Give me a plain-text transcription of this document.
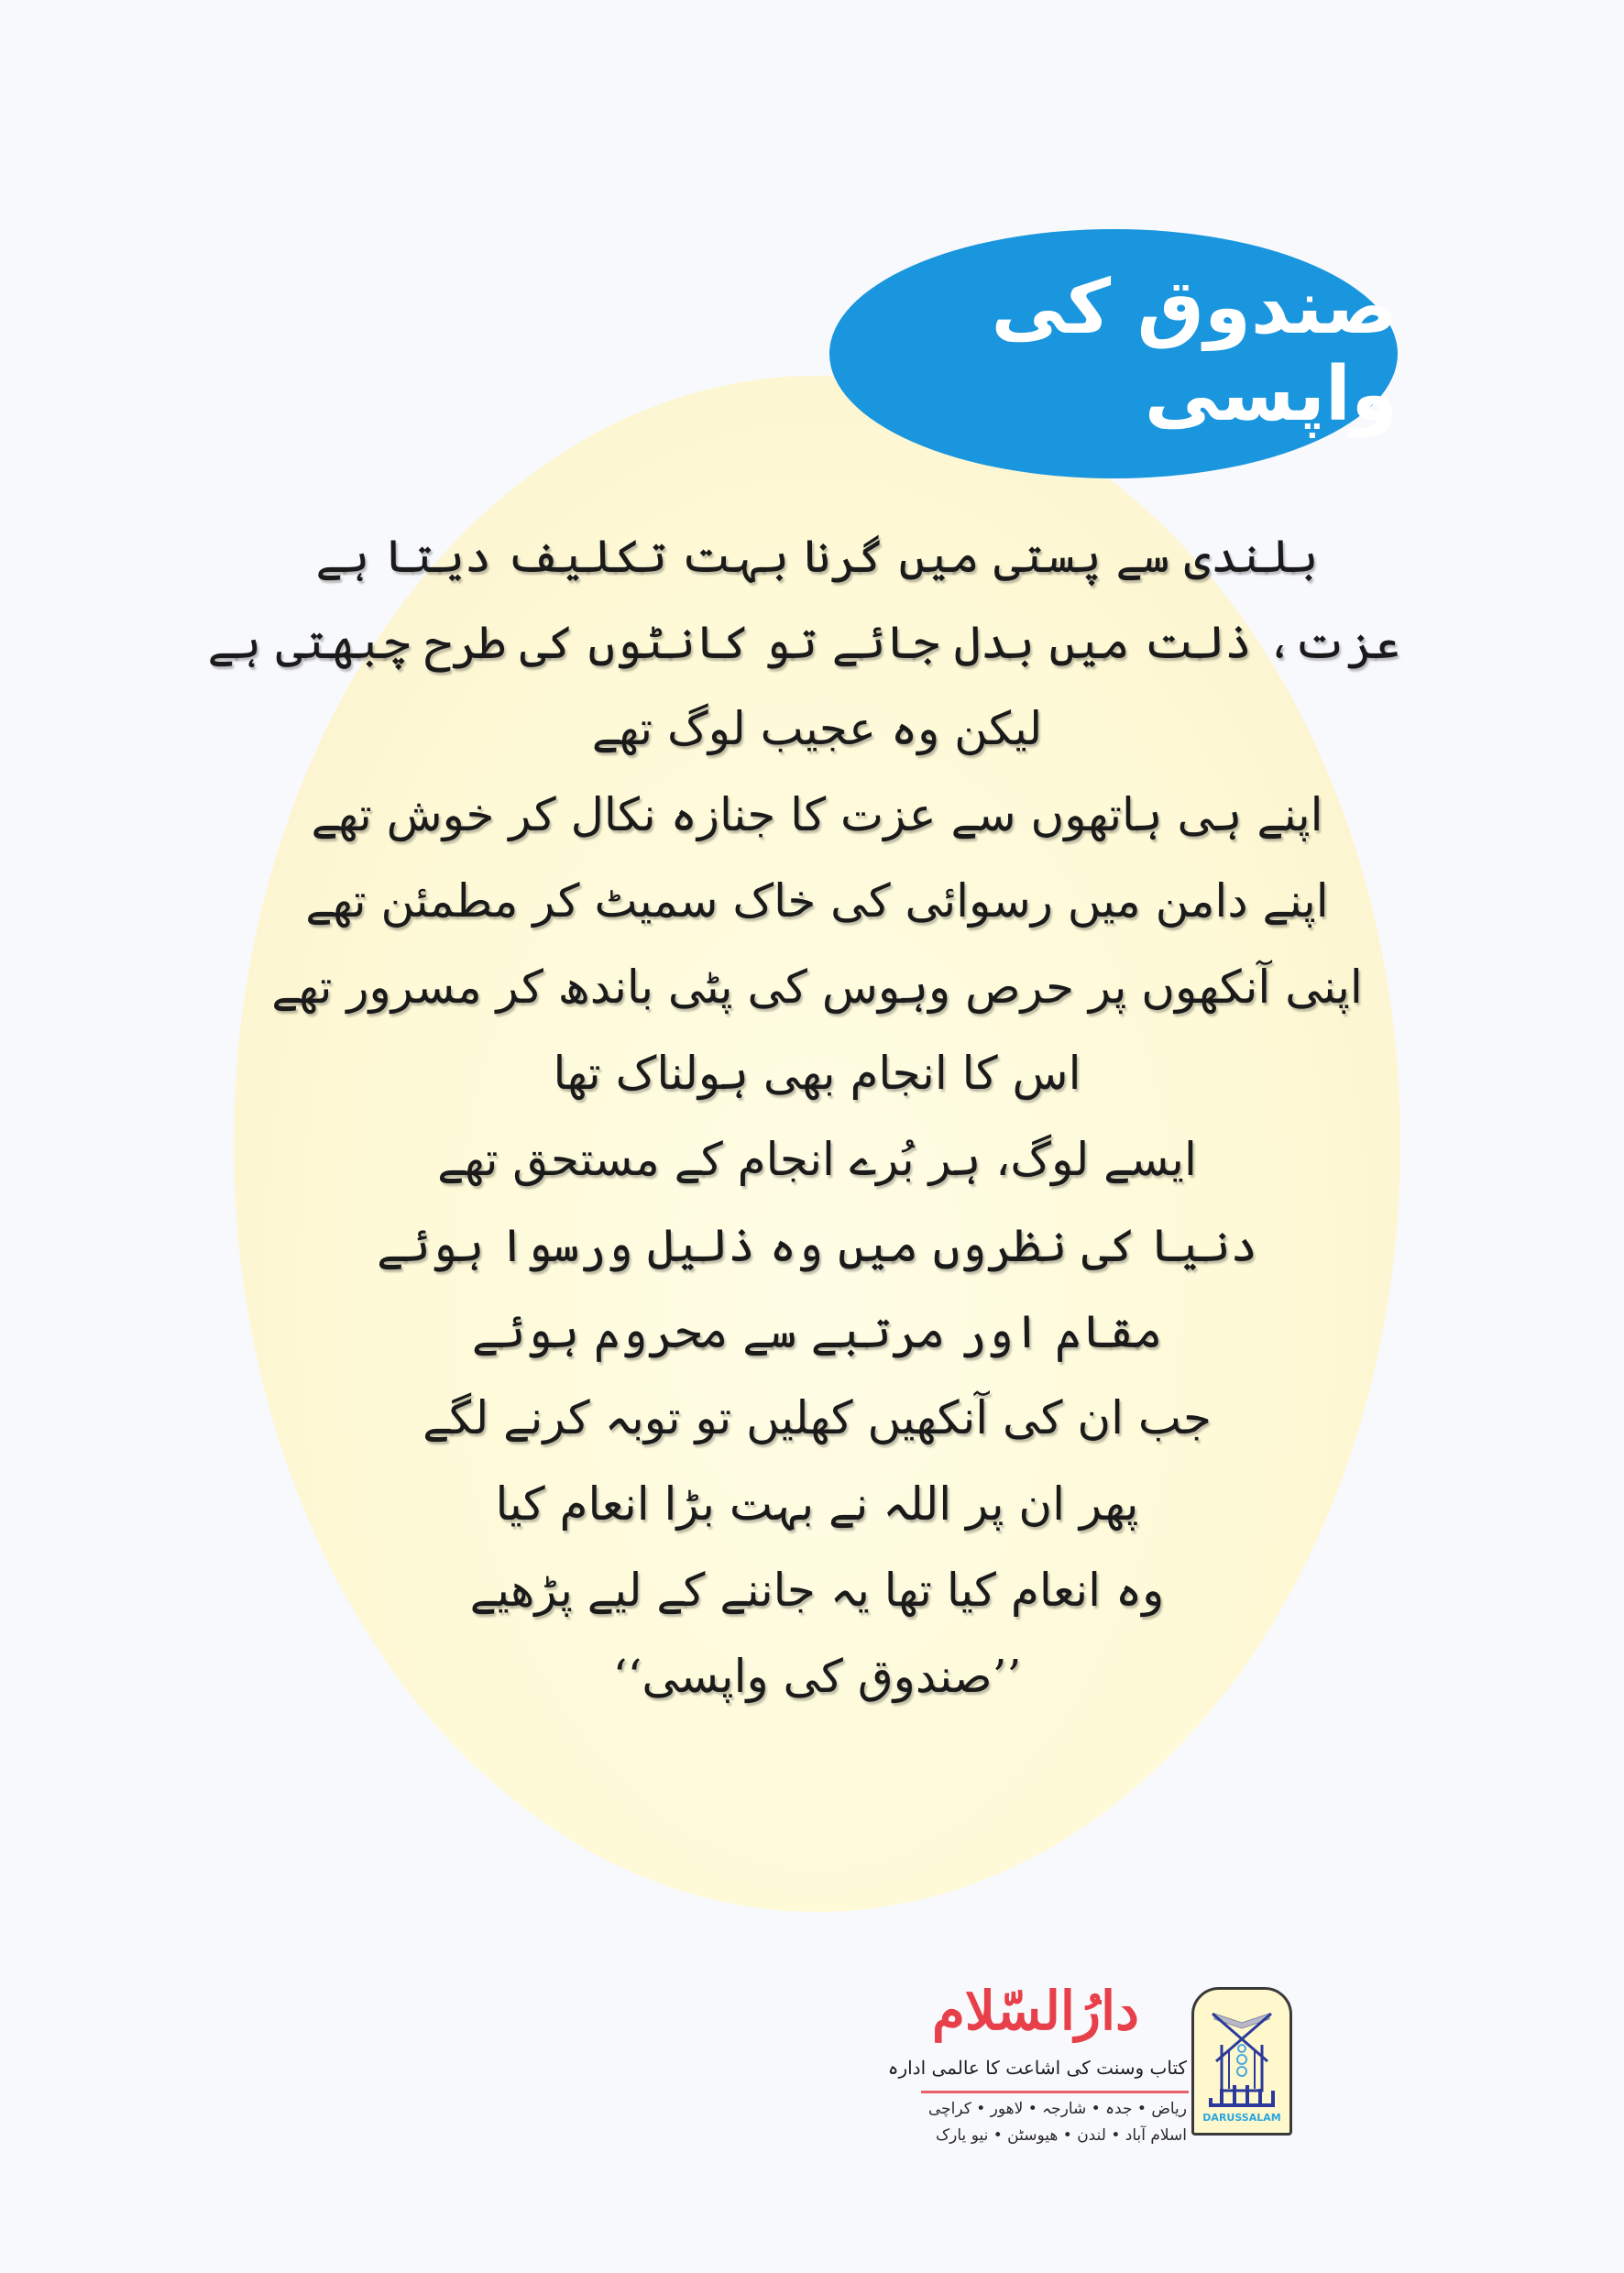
صندوق کی واپسی
بلندی سے پستی میں گرنا بہت تکلیف دیتا ہے
عزت، ذلت میں بدل جائے تو کانٹوں کی طرح چبھتی ہے
لیکن وہ عجیب لوگ تھے
اپنے ہی ہاتھوں سے عزت کا جنازہ نکال کر خوش تھے
اپنے دامن میں رسوائی کی خاک سمیٹ کر مطمئن تھے
اپنی آنکھوں پر حرص وہوس کی پٹی باندھ کر مسرور تھے
اس کا انجام بھی ہولناک تھا
ایسے لوگ، ہر بُرے انجام کے مستحق تھے
دنیا کی نظروں میں وہ ذلیل ورسوا ہوئے
مقام اور مرتبے سے محروم ہوئے
جب ان کی آنکھیں کھلیں تو توبہ کرنے لگے
پھر ان پر اللہ نے بہت بڑا انعام کیا
وہ انعام کیا تھا یہ جاننے کے لیے پڑھیے
’’صندوق کی واپسی‘‘
دارُالسّلام
کتاب وسنت کی اشاعت کا عالمی ادارہ
ریاض • جدہ • شارجہ • لاھور • کراچی
اسلام آباد • لندن • ھیوسٹن • نیو یارک
DARUSSALAM
